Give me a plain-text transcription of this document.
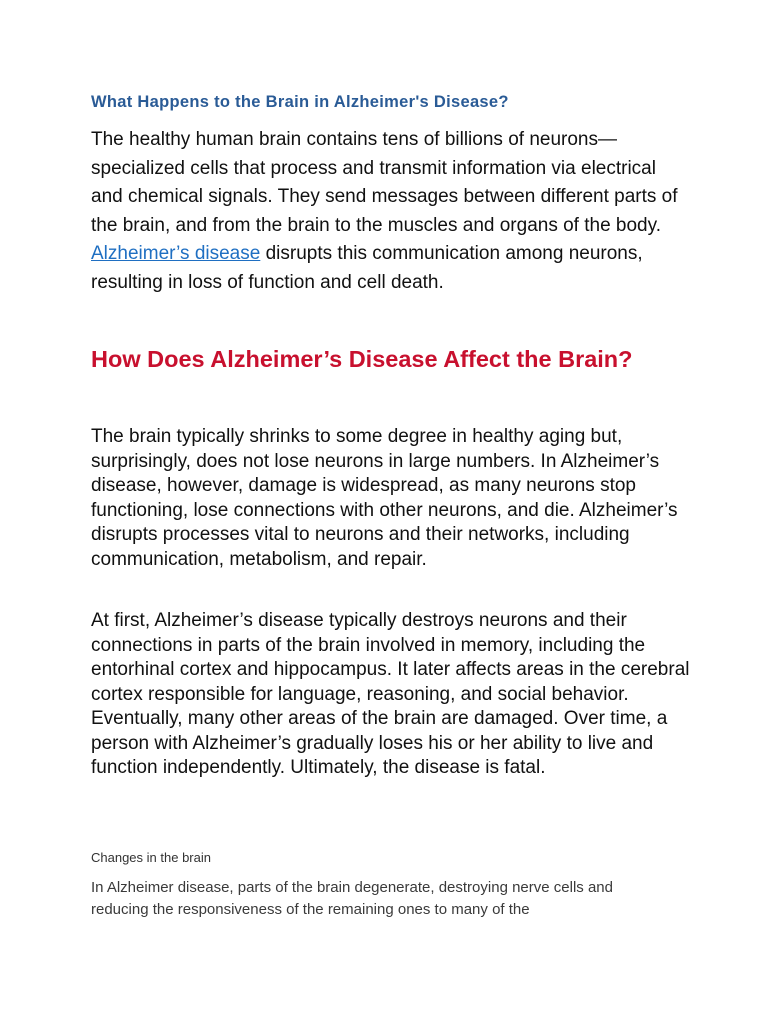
What Happens to the Brain in Alzheimer's Disease?

The healthy human brain contains tens of billions of neurons—specialized cells that process and transmit information via electrical and chemical signals. They send messages between different parts of the brain, and from the brain to the muscles and organs of the body. Alzheimer’s disease disrupts this communication among neurons, resulting in loss of function and cell death.

How Does Alzheimer’s Disease Affect the Brain?

The brain typically shrinks to some degree in healthy aging but, surprisingly, does not lose neurons in large numbers. In Alzheimer’s disease, however, damage is widespread, as many neurons stop functioning, lose connections with other neurons, and die. Alzheimer’s disrupts processes vital to neurons and their networks, including communication, metabolism, and repair.

At first, Alzheimer’s disease typically destroys neurons and their connections in parts of the brain involved in memory, including the entorhinal cortex and hippocampus. It later affects areas in the cerebral cortex responsible for language, reasoning, and social behavior. Eventually, many other areas of the brain are damaged. Over time, a person with Alzheimer’s gradually loses his or her ability to live and function independently. Ultimately, the disease is fatal.

Changes in the brain

In Alzheimer disease, parts of the brain degenerate, destroying nerve cells and reducing the responsiveness of the remaining ones to many of the
